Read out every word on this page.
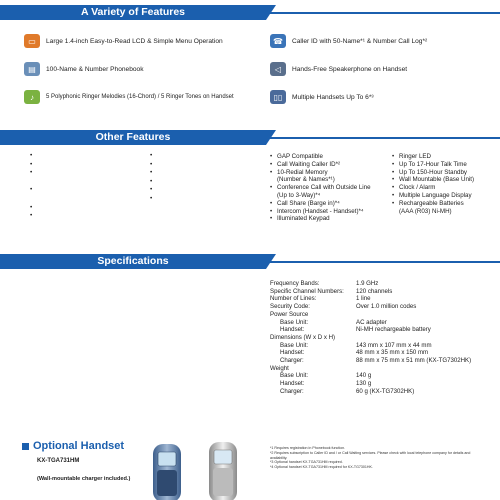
A Variety of Features
▭	Large 1.4-inch Easy-to-Read LCD & Simple Menu Operation	☎	Caller ID with 50-Name*¹ & Number Call Log*²
▤	100-Name & Number Phonebook	◁	Hands-Free Speakerphone on Handset
♪	5 Polyphonic Ringer Melodies (16-Chord) / 5 Ringer Tones on Handset	▯▯	Multiple Handsets Up To 6*³
Other Features
•
•
•

•

•
•
•
•
•
•
•
•
• GAP Compatible
• Call Waiting Caller ID*²
• 10-Redial Memory
(Number & Names*¹)
• Conference Call with Outside Line
(Up to 3-Way)*⁴
• Call Share (Barge in)*⁴
• Intercom (Handset - Handset)*⁴
• Illuminated Keypad
• Ringer LED
• Up To 17-Hour Talk Time
• Up To 150-Hour Standby
• Wall Mountable (Base Unit)
• Clock / Alarm
• Multiple Language Display
• Rechargeable Batteries
(AAA (R03) Ni-MH)
Specifications
Frequency Bands:	1.9 GHz
Specific Channel Numbers:	120 channels
Number of Lines:	1 line
Security Code:	Over 1.0 million codes
Power Source
Base Unit:	AC adapter
Handset:	Ni-MH rechargeable battery
Dimensions (W x D x H)
Base Unit:	143 mm x 107 mm x 44 mm
Handset:	48 mm x 35 mm x 150 mm
Charger:	88 mm x 75 mm x 51 mm (KX-TG7302HK)
Weight
Base Unit:	140 g
Handset:	130 g
Charger:	60 g (KX-TG7302HK)
Optional Handset
KX-TGA731HM
(Wall-mountable charger included.)
*1 Requires registration in Phonebook function.
*2 Requires subscription to Caller ID and / or Call Waiting services. Please check with local telephone company for details and availability.
*3 Optional handset KX-TGA731HM required.
*4 Optional handset KX-TGA731HM required for KX-TG7301HK.
